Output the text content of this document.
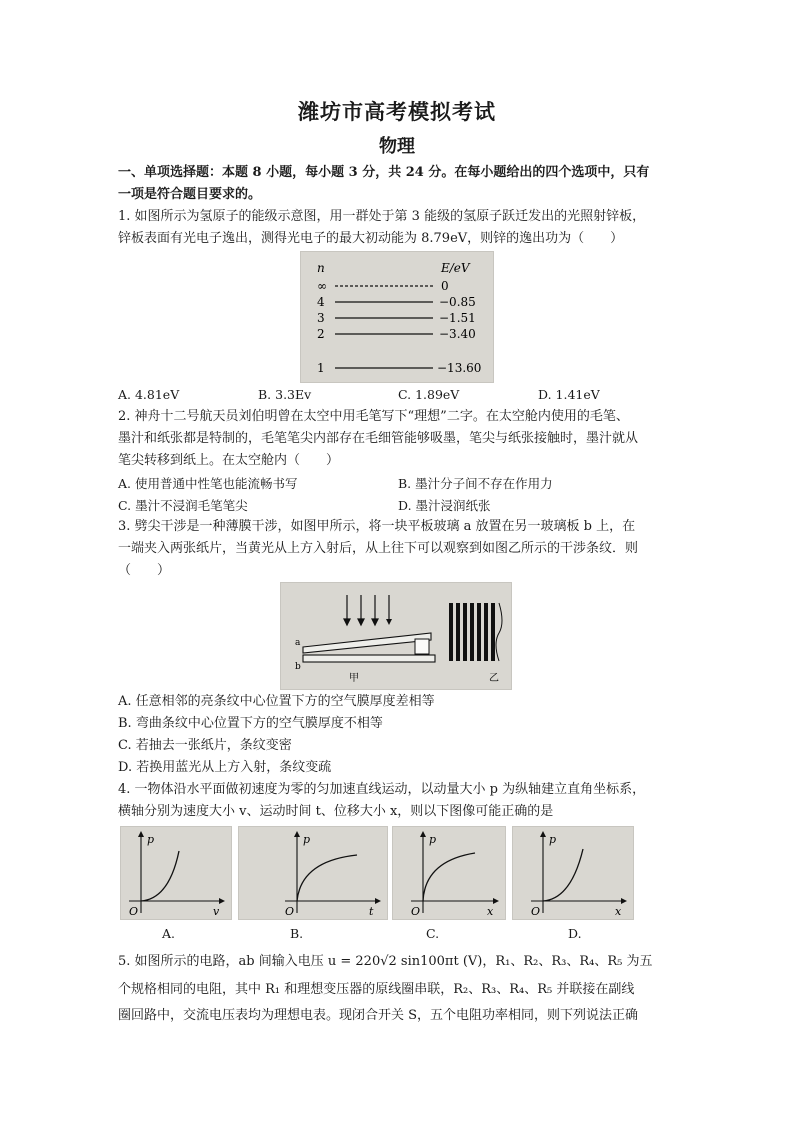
潍坊市高考模拟考试
物理
一、单项选择题：本题 8 小题，每小题 3 分，共 24 分。在每小题给出的四个选项中，只有
一项是符合题目要求的。
1. 如图所示为氢原子的能级示意图，用一群处于第 3 能级的氢原子跃迁发出的光照射锌板，
锌板表面有光电子逸出，测得光电子的最大初动能为 8.79eV，则锌的逸出功为（　　）
n	E/eV
∞	0
4	−0.85
3	−1.51
2	−3.40
1	−13.60
A. 4.81eV	B. 3.3Ev	C. 1.89eV	D. 1.41eV
2. 神舟十二号航天员刘伯明曾在太空中用毛笔写下“理想”二字。在太空舱内使用的毛笔、
墨汁和纸张都是特制的，毛笔笔尖内部存在毛细管能够吸墨，笔尖与纸张接触时，墨汁就从
笔尖转移到纸上。在太空舱内（　　）
A. 使用普通中性笔也能流畅书写	B. 墨汁分子间不存在作用力
C. 墨汁不浸润毛笔笔尖	D. 墨汁浸润纸张
3. 劈尖干涉是一种薄膜干涉，如图甲所示，将一块平板玻璃 a 放置在另一玻璃板 b 上，在
一端夹入两张纸片，当黄光从上方入射后，从上往下可以观察到如图乙所示的干涉条纹．则
（　　）
a
b
甲	乙
A. 任意相邻的亮条纹中心位置下方的空气膜厚度差相等
B. 弯曲条纹中心位置下方的空气膜厚度不相等
C. 若抽去一张纸片，条纹变密
D. 若换用蓝光从上方入射，条纹变疏
4. 一物体沿水平面做初速度为零的匀加速直线运动，以动量大小 p 为纵轴建立直角坐标系，
横轴分别为速度大小 v、运动时间 t、位移大小 x，则以下图像可能正确的是
p
v
O
p
t
O
p
x
O
p
x
O
A.	B.	C.	D.
5. 如图所示的电路，ab 间输入电压 u = 220√2 sin100πt (V)，R₁、R₂、R₃、R₄、R₅ 为五
个规格相同的电阻，其中 R₁ 和理想变压器的原线圈串联，R₂、R₃、R₄、R₅ 并联接在副线
圈回路中，交流电压表均为理想电表。现闭合开关 S，五个电阻功率相同，则下列说法正确
